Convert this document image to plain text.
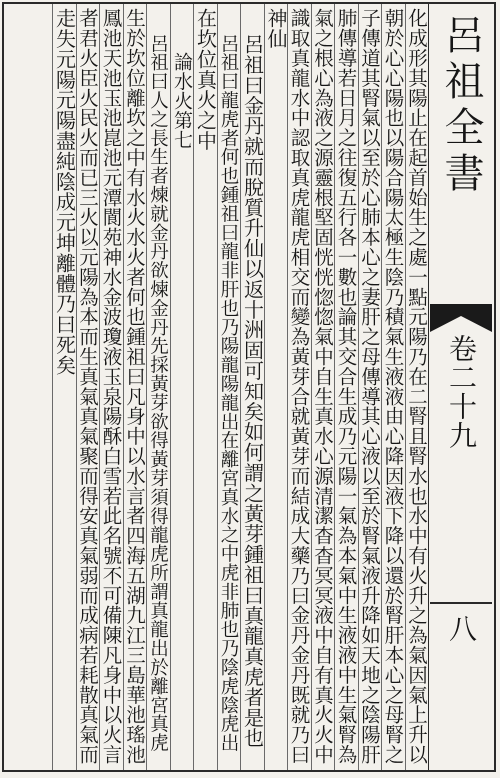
化成形其陽止在起首始生之處一點元陽乃在二腎且腎水也水中有火升之為氣因氣上升以
朝於心心陽也以陽合陽太極生陰乃積氣生液液由心降因液下降以還於腎肝本心之母腎之
子傳道其腎氣以至於心肺本心之妻肝之母傳導其心液以至於腎氣液升降如天地之陰陽肝
肺傳導若日月之往復五行各一數也論其交合生成乃元陽一氣為本氣中生液液中生氣腎為
氣之根心為液之源靈根堅固恍恍惚惚氣中自生真水心源清潔杳杳冥冥液中自有真火火中
識取真龍水中認取真虎龍虎相交而變為黃芽合就黃芽而結成大藥乃曰金丹金丹既就乃曰
神仙
呂祖曰金丹就而脫質升仙以返十洲固可知矣如何謂之黃芽鍾祖曰真龍真虎者是也
呂祖曰龍虎者何也鍾祖曰龍非肝也乃陽龍陽龍出在離宮真水之中虎非肺也乃陰虎陰虎出
在坎位真火之中
論水火第七
呂祖曰人之長生者煉就金丹欲煉金丹先採黃芽欲得黃芽須得龍虎所謂真龍出於離宮真虎
生於坎位離坎之中有水火水火者何也鍾祖曰凡身中以水言者四海五湖九江三島華池瑤池
鳳池天池玉池崑池元潭閬苑神水金波瓊液玉泉陽酥白雪若此名號不可備陳凡身中以火言
者君火臣火民火而已三火以元陽為本而生真氣真氣聚而得安真氣弱而成病若耗散真氣而
走失元陽元陽盡純陰成元坤離體乃曰死矣	呂祖全書
卷二十九
八
